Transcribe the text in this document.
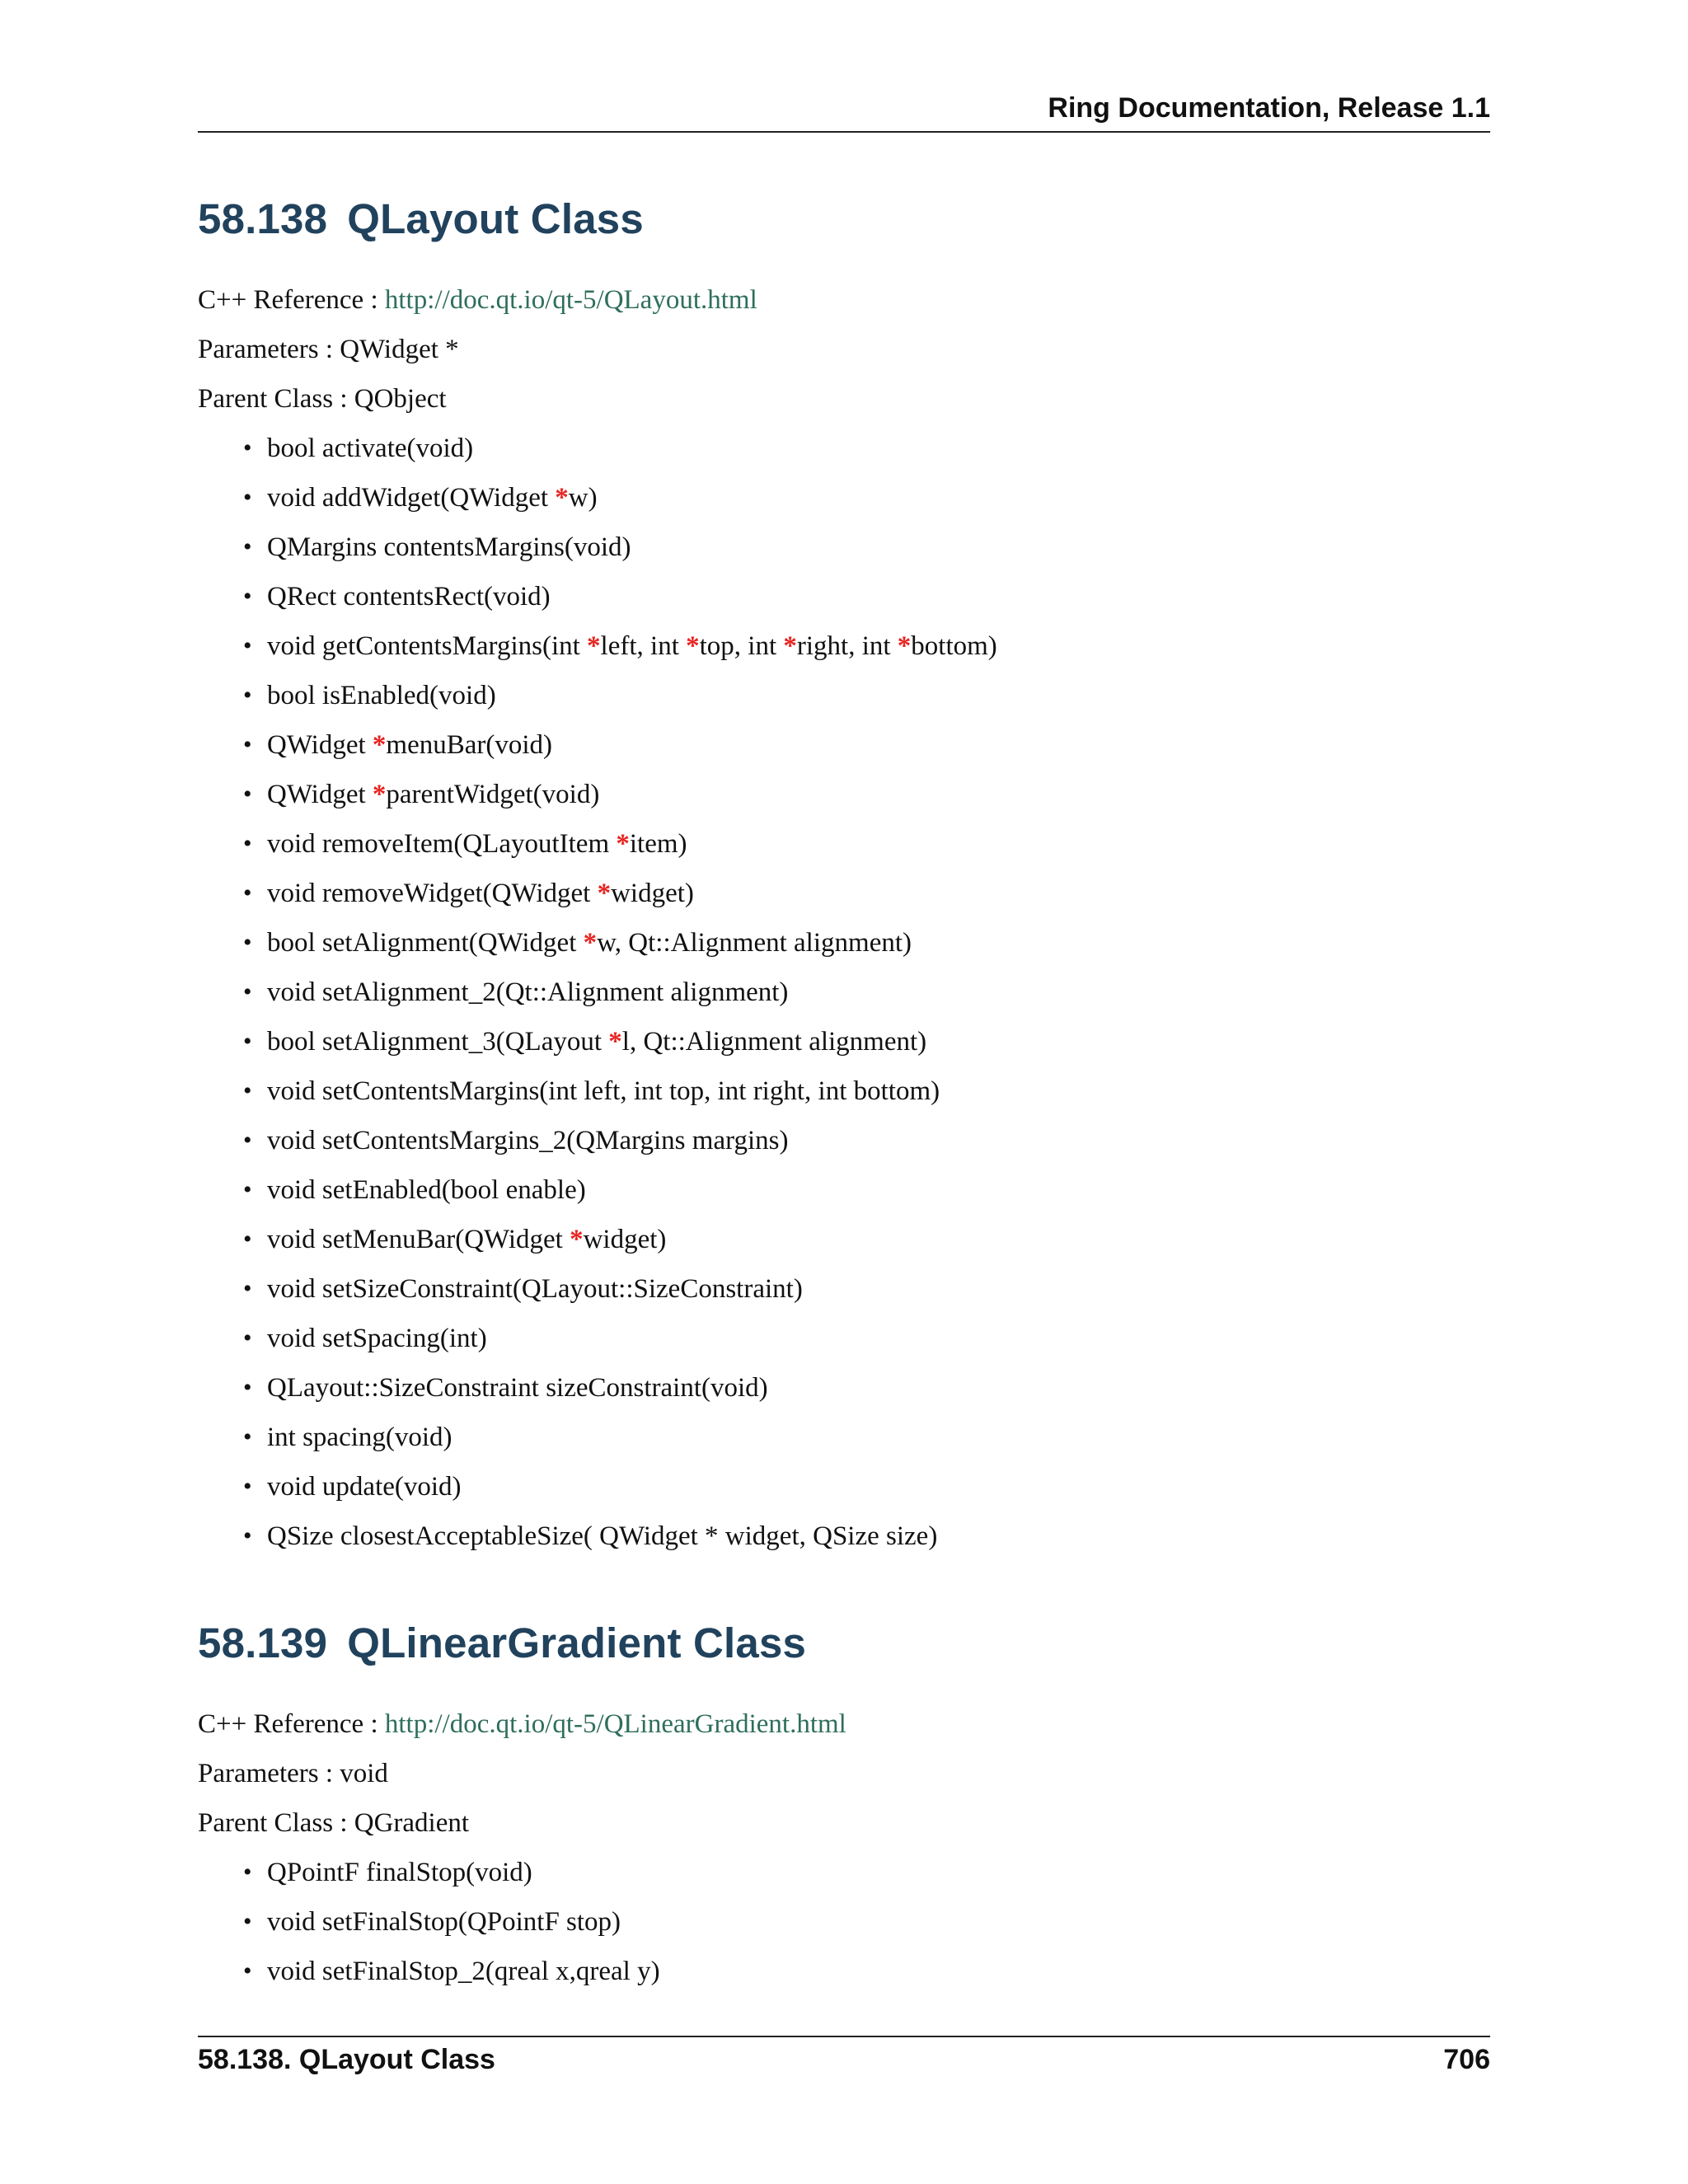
Ring Documentation, Release 1.1
58.138 QLayout Class

C++ Reference : http://doc.qt.io/qt-5/QLayout.html

Parameters : QWidget *

Parent Class : QObject

• bool activate(void)
• void addWidget(QWidget *w)
• QMargins contentsMargins(void)
• QRect contentsRect(void)
• void getContentsMargins(int *left, int *top, int *right, int *bottom)
• bool isEnabled(void)
• QWidget *menuBar(void)
• QWidget *parentWidget(void)
• void removeItem(QLayoutItem *item)
• void removeWidget(QWidget *widget)
• bool setAlignment(QWidget *w, Qt::Alignment alignment)
• void setAlignment_2(Qt::Alignment alignment)
• bool setAlignment_3(QLayout *l, Qt::Alignment alignment)
• void setContentsMargins(int left, int top, int right, int bottom)
• void setContentsMargins_2(QMargins margins)
• void setEnabled(bool enable)
• void setMenuBar(QWidget *widget)
• void setSizeConstraint(QLayout::SizeConstraint)
• void setSpacing(int)
• QLayout::SizeConstraint sizeConstraint(void)
• int spacing(void)
• void update(void)
• QSize closestAcceptableSize( QWidget * widget, QSize size)
58.139 QLinearGradient Class

C++ Reference : http://doc.qt.io/qt-5/QLinearGradient.html

Parameters : void

Parent Class : QGradient

• QPointF finalStop(void)
• void setFinalStop(QPointF stop)
• void setFinalStop_2(qreal x,qreal y)
58.138. QLayout Class	706
